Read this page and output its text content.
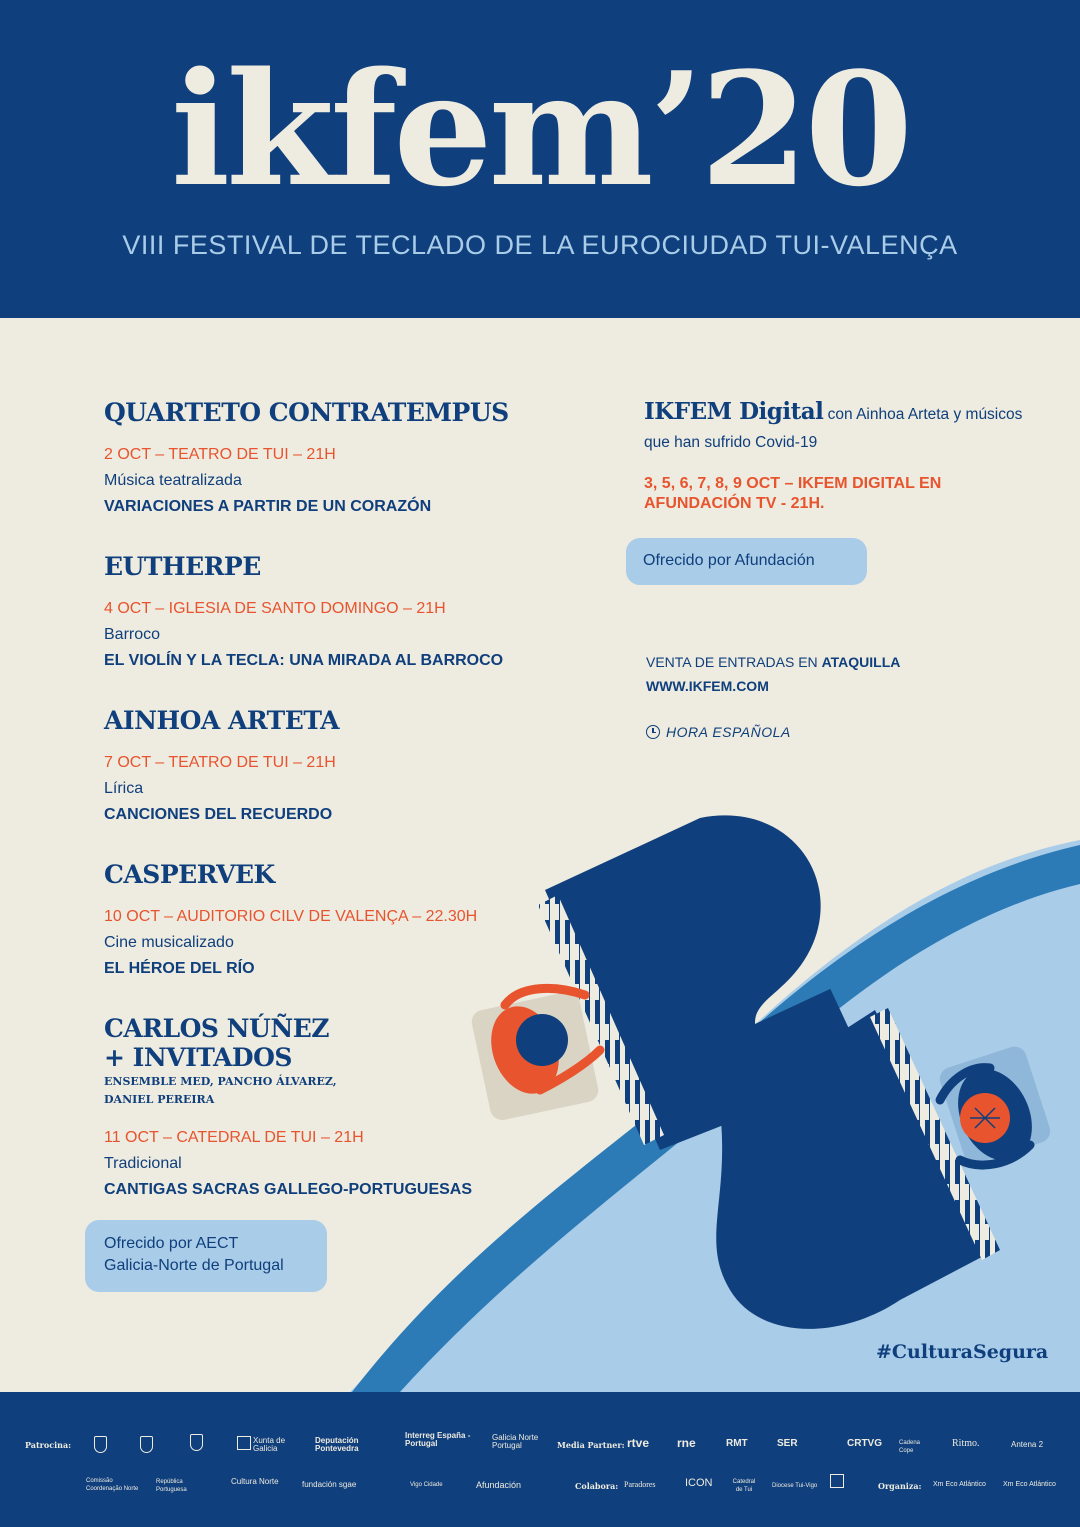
ikfem’20
VIII FESTIVAL DE TECLADO DE LA EUROCIUDAD TUI-VALENÇA
QUARTETO CONTRATEMPUS
2 OCT – TEATRO DE TUI – 21H
Música teatralizada
VARIACIONES A PARTIR DE UN CORAZÓN
EUTHERPE
4 OCT – IGLESIA DE SANTO DOMINGO – 21H
Barroco
EL VIOLÍN Y LA TECLA: UNA MIRADA AL BARROCO
AINHOA ARTETA
7 OCT – TEATRO DE TUI – 21H
Lírica
CANCIONES DEL RECUERDO
CASPERVEK
10 OCT – AUDITORIO CILV DE VALENÇA – 22.30H
Cine musicalizado
EL HÉROE DEL RÍO
CARLOS NÚÑEZ
+ INVITADOS
ENSEMBLE MED, PANCHO ÁLVAREZ, DANIEL PEREIRA
11 OCT – CATEDRAL DE TUI – 21H
Tradicional
CANTIGAS SACRAS GALLEGO-PORTUGUESAS
Ofrecido por AECT
Galicia-Norte de Portugal
IKFEM Digital con Ainhoa Arteta y músicos que han sufrido Covid-19
3, 5, 6, 7, 8, 9 OCT – IKFEM DIGITAL EN AFUNDACIÓN TV - 21H.
Ofrecido por Afundación
VENTA DE ENTRADAS EN ATAQUILLA
WWW.IKFEM.COM
HORA ESPAÑOLA
#CulturaSegura
Patrocina:	Xunta de Galicia
Deputación Pontevedra
Interreg España - Portugal
Galicia Norte Portugal	Media Partner: rtve rne	RMT	SER	CRTVG	Cadena Cope
Ritmo.	Antena 2
Comissão Coordenação Norte
República Portuguesa
Cultura Norte	fundación sgae	Vigo Cidade	Afundación	Colabora: Paradores	ICON	Catedral de Tui
Diocese Tui-Vigo	Organiza: Xm Eco Atlántico Xm Eco Atlántico
